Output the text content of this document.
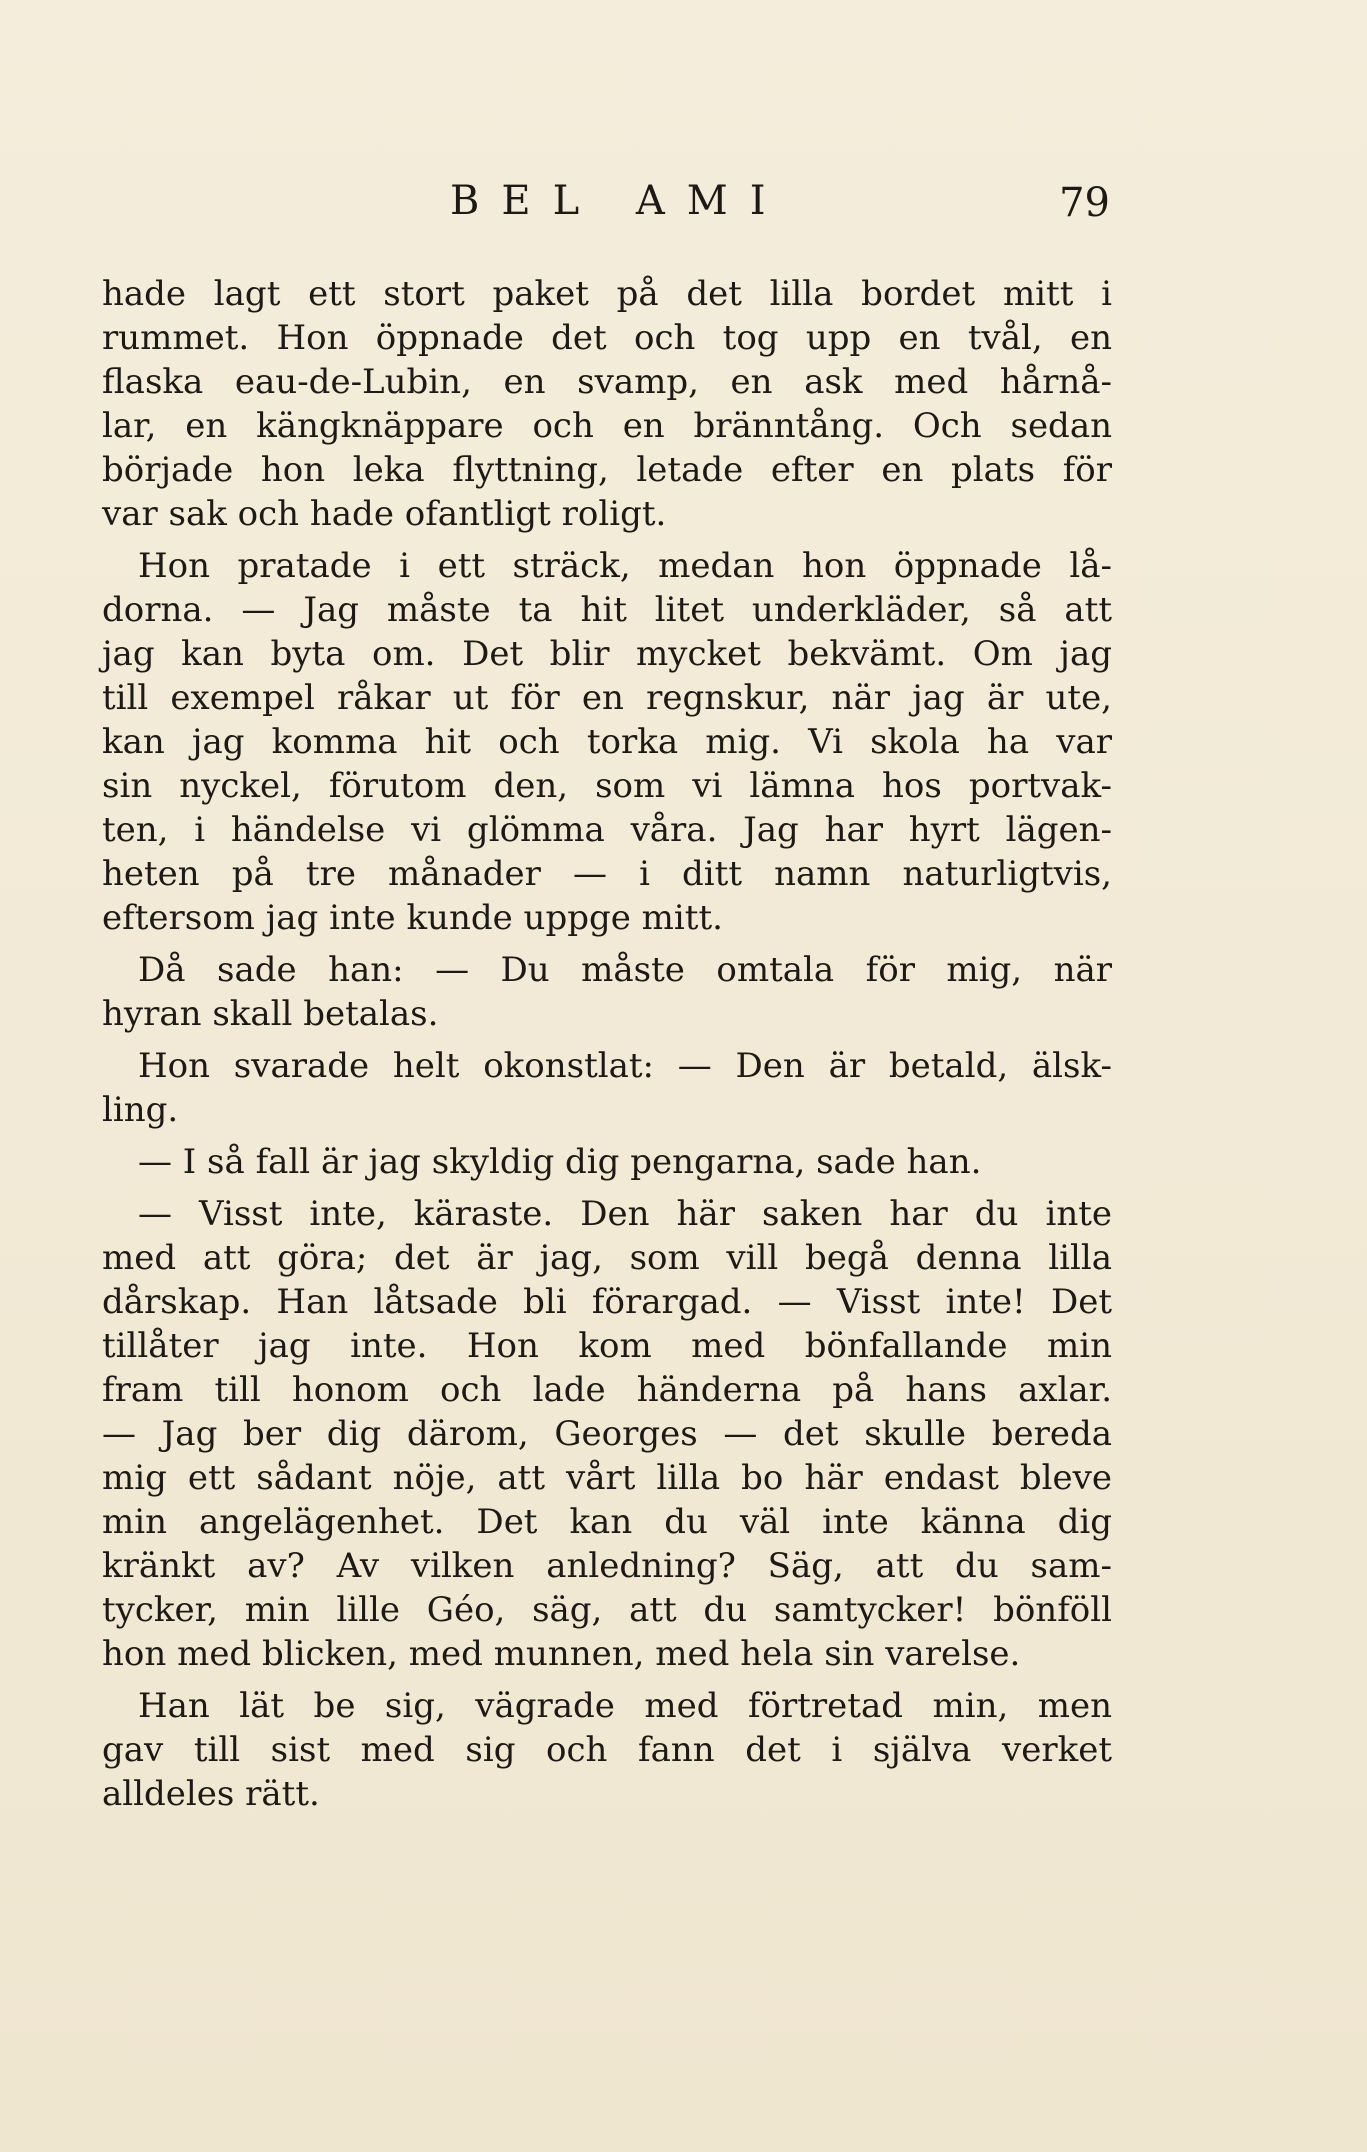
BEL AMI	79
hade lagt ett stort paket på det lilla bordet mitt i
rummet. Hon öppnade det och tog upp en tvål, en
flaska eau-de-Lubin, en svamp, en ask med hårnå-
lar, en kängknäppare och en bränntång. Och sedan
började hon leka flyttning, letade efter en plats för
var sak och hade ofantligt roligt.
Hon pratade i ett sträck, medan hon öppnade lå-
dorna. — Jag måste ta hit litet underkläder, så att
jag kan byta om. Det blir mycket bekvämt. Om jag
till exempel råkar ut för en regnskur, när jag är ute,
kan jag komma hit och torka mig. Vi skola ha var
sin nyckel, förutom den, som vi lämna hos portvak-
ten, i händelse vi glömma våra. Jag har hyrt lägen-
heten på tre månader — i ditt namn naturligtvis,
eftersom jag inte kunde uppge mitt.
Då sade han: — Du måste omtala för mig, när
hyran skall betalas.
Hon svarade helt okonstlat: — Den är betald, älsk-
ling.
— I så fall är jag skyldig dig pengarna, sade han.
— Visst inte, käraste. Den här saken har du inte
med att göra; det är jag, som vill begå denna lilla
dårskap. Han låtsade bli förargad. — Visst inte! Det
tillåter jag inte. Hon kom med bönfallande min
fram till honom och lade händerna på hans axlar.
— Jag ber dig därom, Georges — det skulle bereda
mig ett sådant nöje, att vårt lilla bo här endast bleve
min angelägenhet. Det kan du väl inte känna dig
kränkt av? Av vilken anledning? Säg, att du sam-
tycker, min lille Géo, säg, att du samtycker! bönföll
hon med blicken, med munnen, med hela sin varelse.
Han lät be sig, vägrade med förtretad min, men
gav till sist med sig och fann det i själva verket
alldeles rätt.
